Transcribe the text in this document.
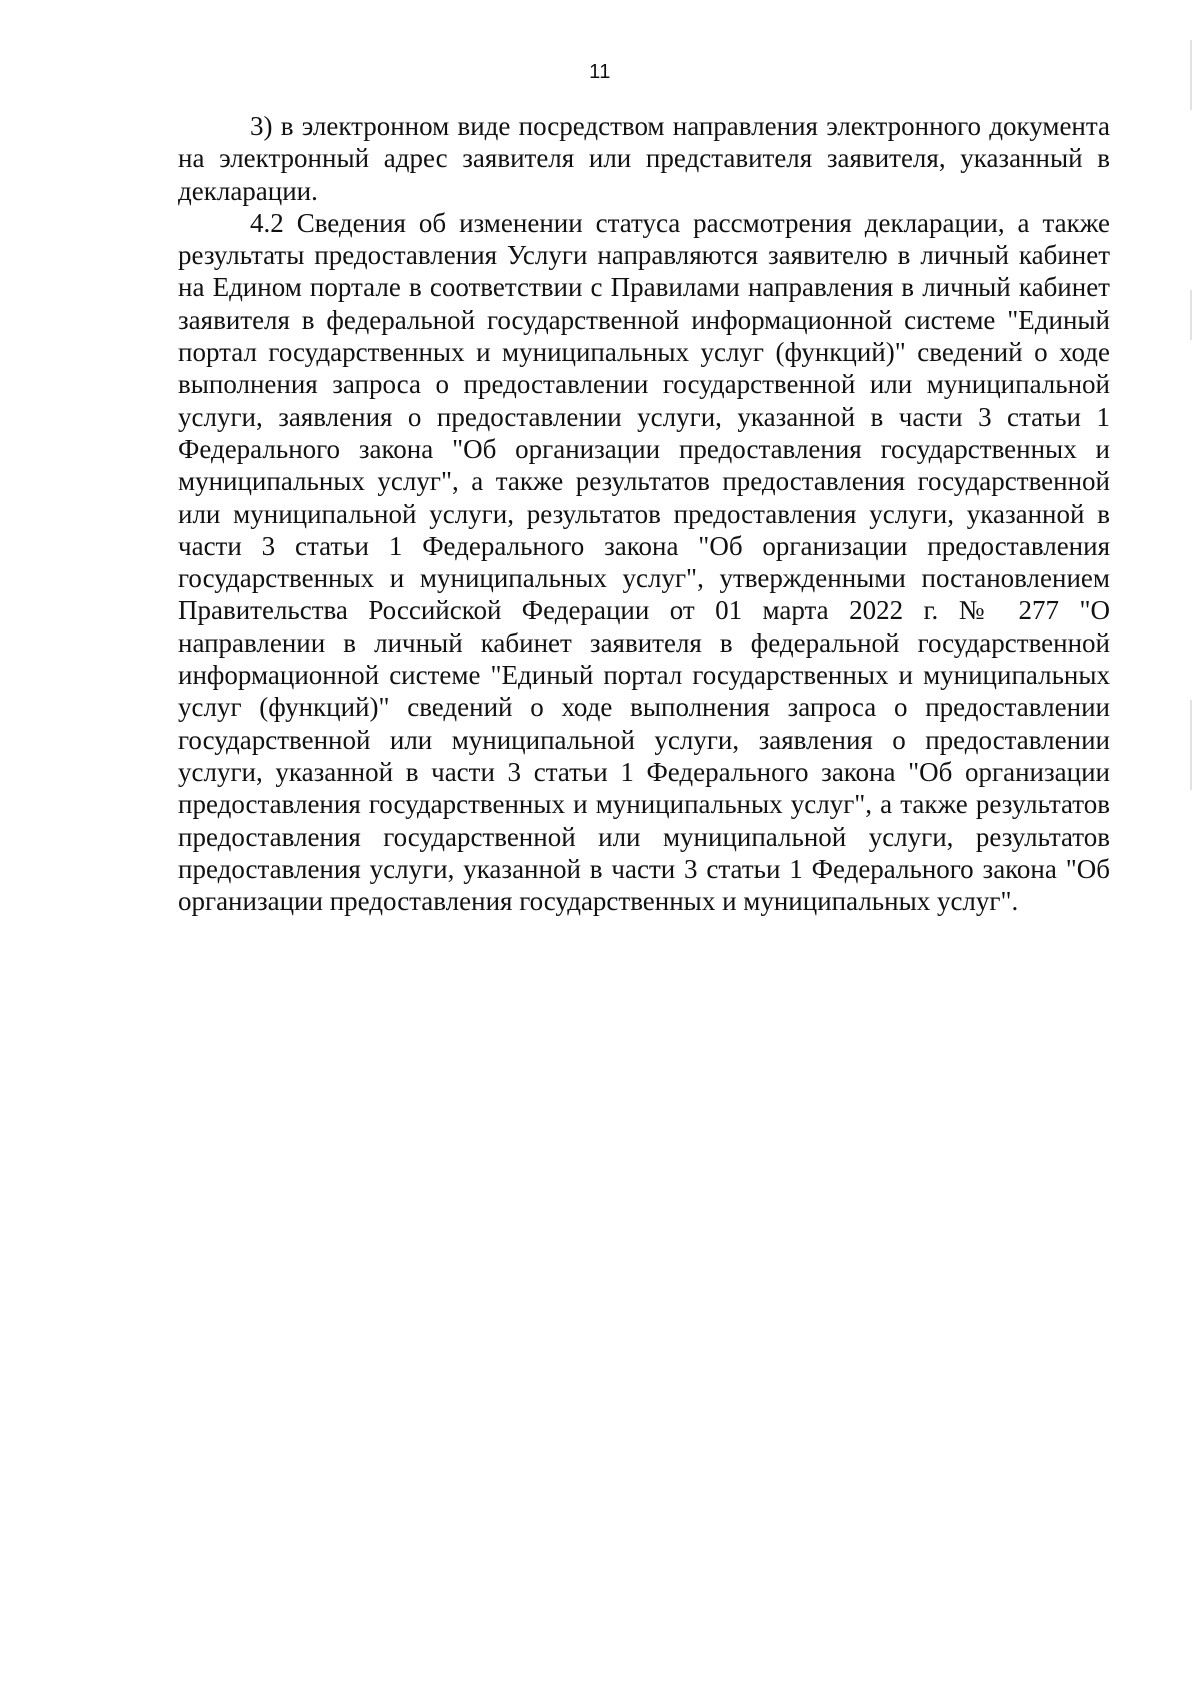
11

3) в электронном виде посредством направления электронного документа на электронный адрес заявителя или представителя заявителя, указанный в декларации.

4.2 Сведения об изменении статуса рассмотрения декларации, а также результаты предоставления Услуги направляются заявителю в личный кабинет на Едином портале в соответствии с Правилами направления в личный кабинет заявителя в федеральной государственной информационной системе "Единый портал государственных и муниципальных услуг (функций)" сведений о ходе выполнения запроса о предоставлении государственной или муниципальной услуги, заявления о предоставлении услуги, указанной в части 3 статьи 1 Федерального закона "Об организации предоставления государственных и муниципальных услуг", а также результатов предоставления государственной или муниципальной услуги, результатов предоставления услуги, указанной в части 3 статьи 1 Федерального закона "Об организации предоставления государственных и муниципальных услуг", утвержденными постановлением Правительства Российской Федерации от 01 марта 2022 г. № 277 "О направлении в личный кабинет заявителя в федеральной государственной информационной системе "Единый портал государственных и муниципальных услуг (функций)" сведений о ходе выполнения запроса о предоставлении государственной или муниципальной услуги, заявления о предоставлении услуги, указанной в части 3 статьи 1 Федерального закона "Об организации предоставления государственных и муниципальных услуг", а также результатов предоставления государственной или муниципальной услуги, результатов предоставления услуги, указанной в части 3 статьи 1 Федерального закона "Об организации предоставления государственных и муниципальных услуг".
